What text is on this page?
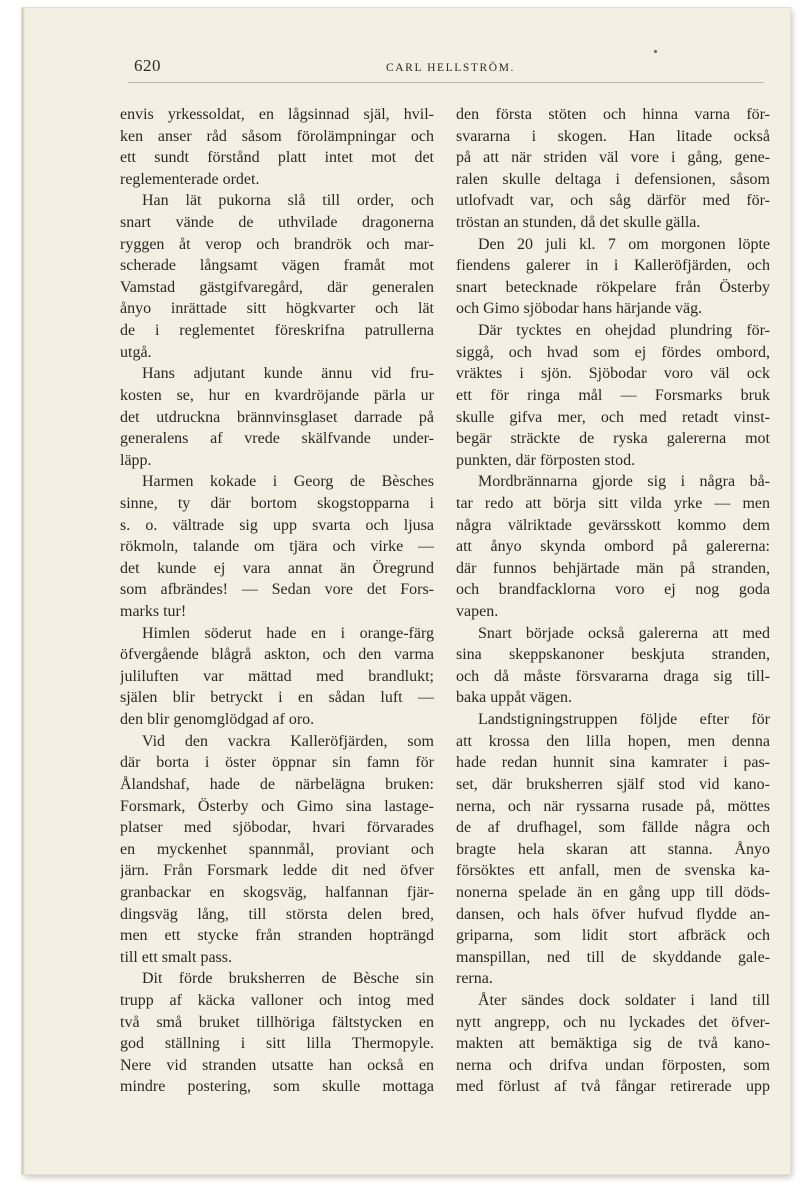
620	CARL HELLSTRÖM.
envis yrkessoldat, en lågsinnad själ, hvil-
ken anser råd såsom förolämpningar och
ett sundt förstånd platt intet mot det
reglementerade ordet.
Han lät pukorna slå till order, och
snart vände de uthvilade dragonerna
ryggen åt verop och brandrök och mar-
scherade långsamt vägen framåt mot
Vamstad gästgifvaregård, där generalen
ånyo inrättade sitt högkvarter och lät
de i reglementet föreskrifna patrullerna
utgå.
Hans adjutant kunde ännu vid fru-
kosten se, hur en kvardröjande pärla ur
det utdruckna brännvinsglaset darrade på
generalens af vrede skälfvande under-
läpp.
Harmen kokade i Georg de Bèsches
sinne, ty där bortom skogstopparna i
s. o. vältrade sig upp svarta och ljusa
rökmoln, talande om tjära och virke —
det kunde ej vara annat än Öregrund
som afbrändes! — Sedan vore det Fors-
marks tur!
Himlen söderut hade en i orange-färg
öfvergående blågrå askton, och den varma
juliluften var mättad med brandlukt;
själen blir betryckt i en sådan luft —
den blir genomglödgad af oro.
Vid den vackra Kalleröfjärden, som
där borta i öster öppnar sin famn för
Ålandshaf, hade de närbelägna bruken:
Forsmark, Österby och Gimo sina lastage-
platser med sjöbodar, hvari förvarades
en myckenhet spannmål, proviant och
järn. Från Forsmark ledde dit ned öfver
granbackar en skogsväg, halfannan fjär-
dingsväg lång, till största delen bred,
men ett stycke från stranden hopträngd
till ett smalt pass.
Dit förde bruksherren de Bèsche sin
trupp af käcka valloner och intog med
två små bruket tillhöriga fältstycken en
god ställning i sitt lilla Thermopyle.
Nere vid stranden utsatte han också en
mindre postering, som skulle mottaga
den första stöten och hinna varna för-
svararna i skogen. Han litade också
på att när striden väl vore i gång, gene-
ralen skulle deltaga i defensionen, såsom
utlofvadt var, och såg därför med för-
tröstan an stunden, då det skulle gälla.
Den 20 juli kl. 7 om morgonen löpte
fiendens galerer in i Kalleröfjärden, och
snart betecknade rökpelare från Österby
och Gimo sjöbodar hans härjande väg.
Där tycktes en ohejdad plundring för-
siggå, och hvad som ej fördes ombord,
vräktes i sjön. Sjöbodar voro väl ock
ett för ringa mål — Forsmarks bruk
skulle gifva mer, och med retadt vinst-
begär sträckte de ryska galererna mot
punkten, där förposten stod.
Mordbrännarna gjorde sig i några bå-
tar redo att börja sitt vilda yrke — men
några välriktade gevärsskott kommo dem
att ånyo skynda ombord på galererna:
där funnos behjärtade män på stranden,
och brandfacklorna voro ej nog goda
vapen.
Snart började också galererna att med
sina skeppskanoner beskjuta stranden,
och då måste försvararna draga sig till-
baka uppåt vägen.
Landstigningstruppen följde efter för
att krossa den lilla hopen, men denna
hade redan hunnit sina kamrater i pas-
set, där bruksherren själf stod vid kano-
nerna, och när ryssarna rusade på, möttes
de af drufhagel, som fällde några och
bragte hela skaran att stanna. Ånyo
försöktes ett anfall, men de svenska ka-
nonerna spelade än en gång upp till döds-
dansen, och hals öfver hufvud flydde an-
griparna, som lidit stort afbräck och
manspillan, ned till de skyddande gale-
rerna.
Åter sändes dock soldater i land till
nytt angrepp, och nu lyckades det öfver-
makten att bemäktiga sig de två kano-
nerna och drifva undan förposten, som
med förlust af två fångar retirerade upp
